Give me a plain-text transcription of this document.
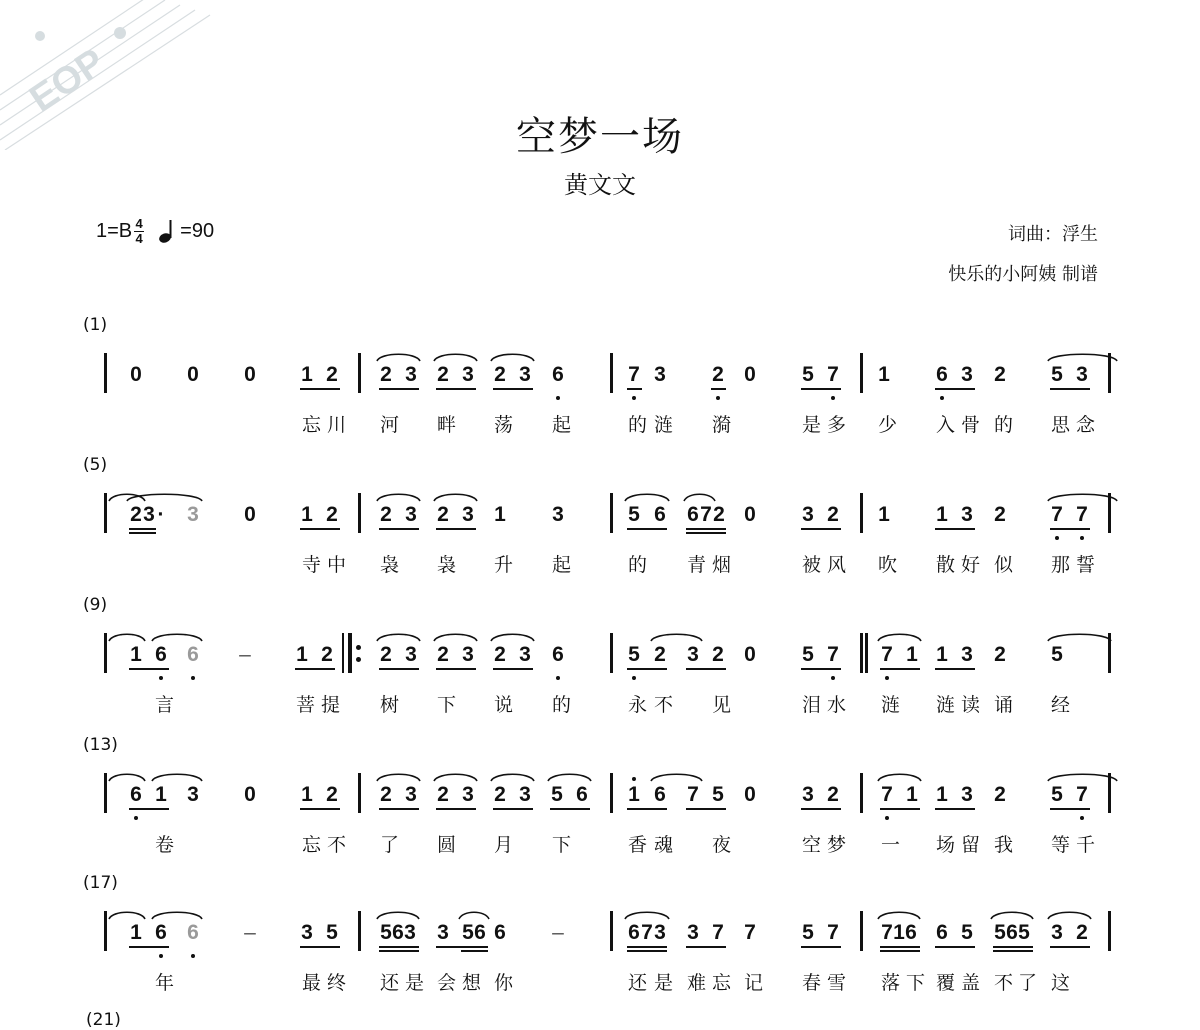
EOP
空梦一场
黄文文
$1=B \frac{4}{4} =90$	词曲：浮生
快乐的小阿姨 制谱
(1)
0 0 0 1 2 2 3 2 3 2 3 6	7 3 2 0 5 7 1 6 3 2 5 3
忘 川	河	畔	荡	起	的 涟	漪	是 多	少	入 骨 的	思 念
(5)
2 3 ·	3 0 1 2 2 3 2 3 1 3	5 6 6 7 2 0 3 2 1 1 3 2 7 7
寺 中	袅	袅	升	起	的	青 烟	被 风	吹	散 好 似	那 誓
(9)
1 6 6 – 1 2 2 3 2 3 2 3 6	5 2 3 2 0 5 7 7 1 1 3 2 5
言	菩 提	树	下	说	的	永 不	见	泪 水	涟	涟 读 诵	经
(13)
6 1 3 0 1 2 2 3 2 3 2 3 5 6 1 6 7 5 0 3 2 7 1 1 3 2 5 7
卷	忘 不	了	圆	月	下	香 魂	夜	空 梦	一	场 留 我	等 千
(17)
1 6 6 – 3 5 5 6 3 3 5 6 6 –	6 7 3 3 7 7 5 7 7 1 6 6 5 5 6 5 3 2
年	最 终	还 是 会 想 你	还 是 难 忘 记	春 雪	落 下 覆 盖 不 了 这
(21)
